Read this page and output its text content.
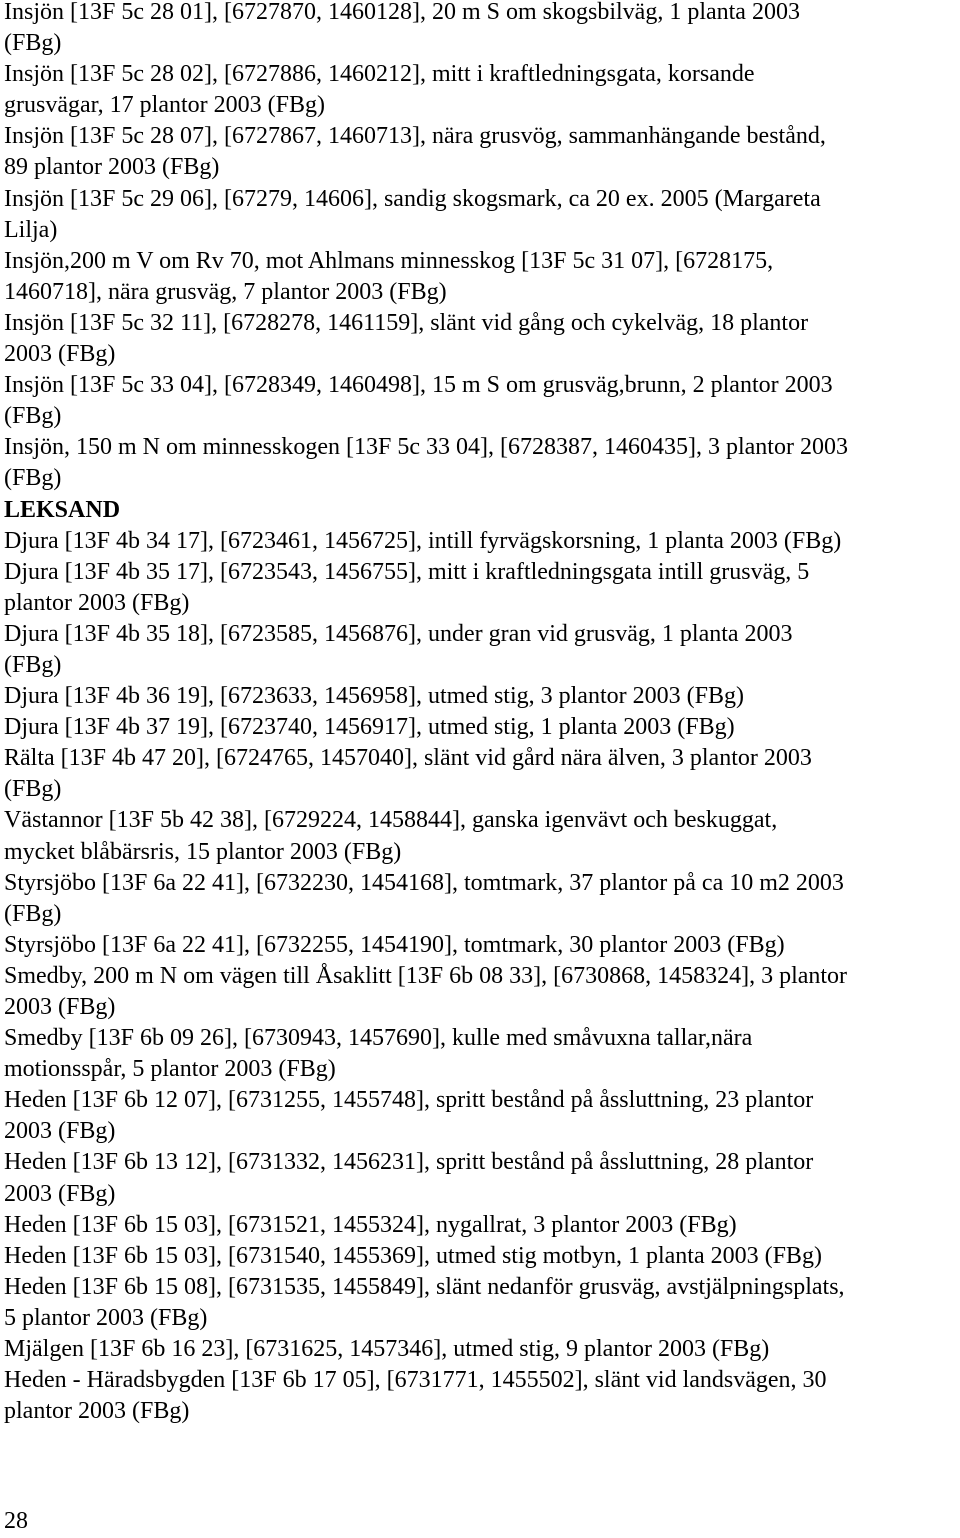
Insjön [13F 5c 28 01], [6727870, 1460128], 20 m S om skogsbilväg, 1 planta 2003
(FBg)
Insjön [13F 5c 28 02], [6727886, 1460212], mitt i kraftledningsgata, korsande
grusvägar, 17 plantor 2003 (FBg)
Insjön [13F 5c 28 07], [6727867, 1460713], nära grusvög, sammanhängande bestånd,
89 plantor 2003 (FBg)
Insjön [13F 5c 29 06], [67279, 14606], sandig skogsmark, ca 20 ex. 2005 (Margareta
Lilja)
Insjön,200 m V om Rv 70, mot Ahlmans minnesskog [13F 5c 31 07], [6728175,
1460718], nära grusväg, 7 plantor 2003 (FBg)
Insjön [13F 5c 32 11], [6728278, 1461159], slänt vid gång och cykelväg, 18 plantor
2003 (FBg)
Insjön [13F 5c 33 04], [6728349, 1460498], 15 m S om grusväg,brunn, 2 plantor 2003
(FBg)
Insjön, 150 m N om minnesskogen [13F 5c 33 04], [6728387, 1460435], 3 plantor 2003
(FBg)
LEKSAND
Djura [13F 4b 34 17], [6723461, 1456725], intill fyrvägskorsning, 1 planta 2003 (FBg)
Djura [13F 4b 35 17], [6723543, 1456755], mitt i kraftledningsgata intill grusväg, 5
plantor 2003 (FBg)
Djura [13F 4b 35 18], [6723585, 1456876], under gran vid grusväg, 1 planta 2003
(FBg)
Djura [13F 4b 36 19], [6723633, 1456958], utmed stig, 3 plantor 2003 (FBg)
Djura [13F 4b 37 19], [6723740, 1456917], utmed stig, 1 planta 2003 (FBg)
Rälta [13F 4b 47 20], [6724765, 1457040], slänt vid gård nära älven, 3 plantor 2003
(FBg)
Västannor [13F 5b 42 38], [6729224, 1458844], ganska igenvävt och beskuggat,
mycket blåbärsris, 15 plantor 2003 (FBg)
Styrsjöbo [13F 6a 22 41], [6732230, 1454168], tomtmark, 37 plantor på ca 10 m2 2003
(FBg)
Styrsjöbo [13F 6a 22 41], [6732255, 1454190], tomtmark, 30 plantor 2003 (FBg)
Smedby, 200 m N om vägen till Åsaklitt [13F 6b 08 33], [6730868, 1458324], 3 plantor
2003 (FBg)
Smedby [13F 6b 09 26], [6730943, 1457690], kulle med småvuxna tallar,nära
motionsspår, 5 plantor 2003 (FBg)
Heden [13F 6b 12 07], [6731255, 1455748], spritt bestånd på åssluttning, 23 plantor
2003 (FBg)
Heden [13F 6b 13 12], [6731332, 1456231], spritt bestånd på åssluttning, 28 plantor
2003 (FBg)
Heden [13F 6b 15 03], [6731521, 1455324], nygallrat, 3 plantor 2003 (FBg)
Heden [13F 6b 15 03], [6731540, 1455369], utmed stig motbyn, 1 planta 2003 (FBg)
Heden [13F 6b 15 08], [6731535, 1455849], slänt nedanför grusväg, avstjälpningsplats,
5 plantor 2003 (FBg)
Mjälgen [13F 6b 16 23], [6731625, 1457346], utmed stig, 9 plantor 2003 (FBg)
Heden - Häradsbygden [13F 6b 17 05], [6731771, 1455502], slänt vid landsvägen, 30
plantor 2003 (FBg)
28
